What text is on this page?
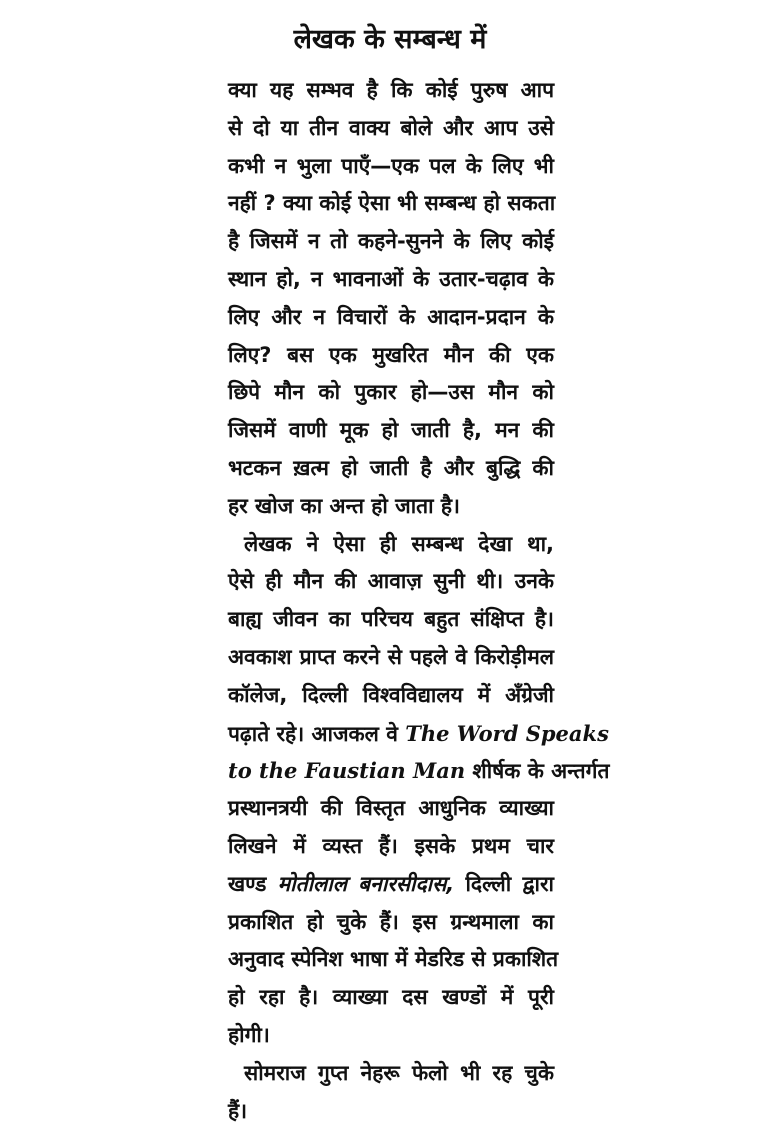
लेखक के सम्बन्ध में
क्या यह सम्भव है कि कोई पुरुष आप
से दो या तीन वाक्य बोले और आप उसे
कभी न भुला पाएँ—एक पल के लिए भी
नहीं ? क्या कोई ऐसा भी सम्बन्ध हो सकता
है जिसमें न तो कहने-सुनने के लिए कोई
स्थान हो, न भावनाओं के उतार-चढ़ाव के
लिए और न विचारों के आदान-प्रदान के
लिए? बस एक मुखरित मौन की एक
छिपे मौन को पुकार हो—उस मौन को
जिसमें वाणी मूक हो जाती है, मन की
भटकन ख़त्म हो जाती है और बुद्धि की
हर खोज का अन्त हो जाता है।
लेखक ने ऐसा ही सम्बन्ध देखा था,
ऐसे ही मौन की आवाज़ सुनी थी। उनके
बाह्य जीवन का परिचय बहुत संक्षिप्त है।
अवकाश प्राप्त करने से पहले वे किरोड़ीमल
कॉलेज, दिल्ली विश्वविद्यालय में अँग्रेजी
पढ़ाते रहे। आजकल वे The Word Speaks
to the Faustian Man शीर्षक के अन्तर्गत
प्रस्थानत्रयी की विस्तृत आधुनिक व्याख्या
लिखने में व्यस्त हैं। इसके प्रथम चार
खण्ड मोतीलाल बनारसीदास, दिल्ली द्वारा
प्रकाशित हो चुके हैं। इस ग्रन्थमाला का
अनुवाद स्पेनिश भाषा में मेडरिड से प्रकाशित
हो रहा है। व्याख्या दस खण्डों में पूरी
होगी।
सोमराज गुप्त नेहरू फेलो भी रह चुके
हैं।
